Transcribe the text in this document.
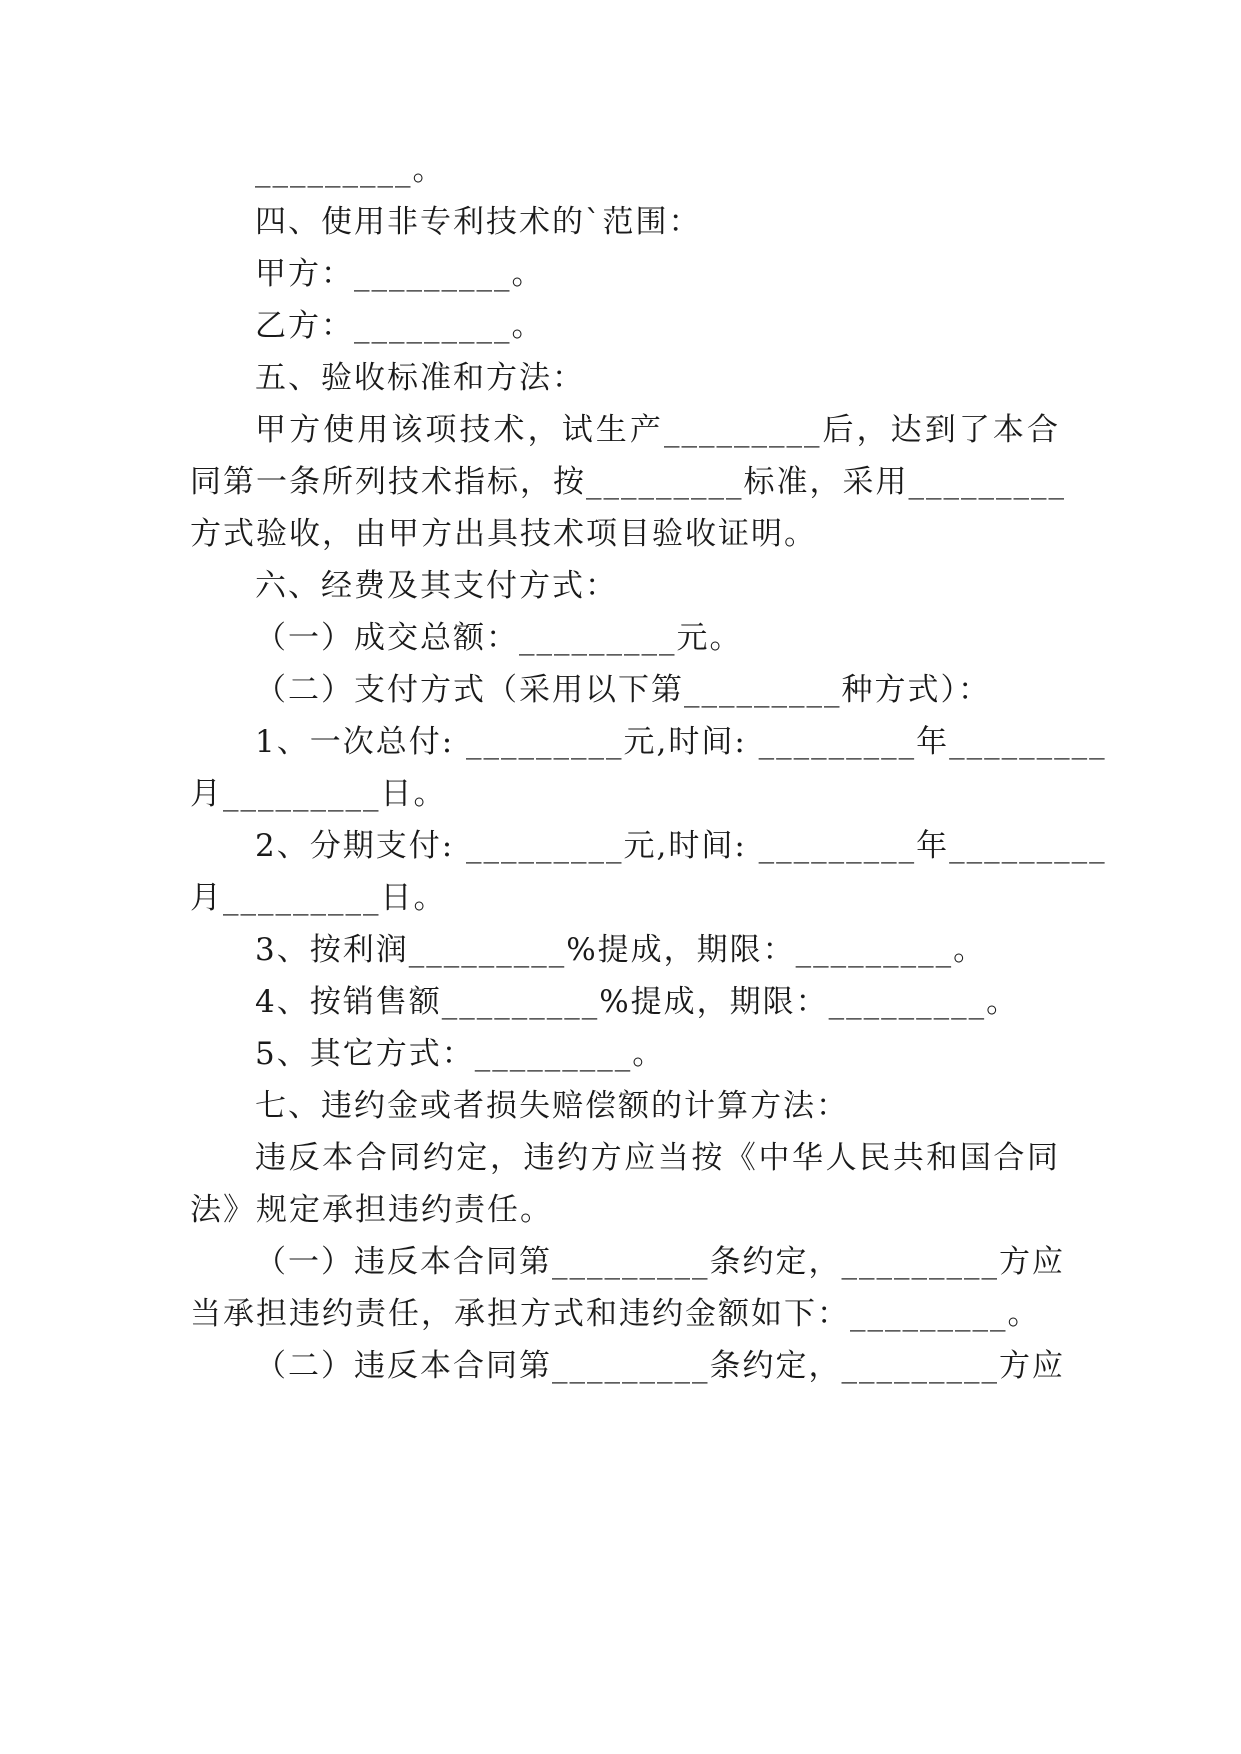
_________。
四、使用非专利技术的`范围：
甲方：_________。
乙方：_________。
五、验收标准和方法：
甲方使用该项技术，试生产_________后，达到了本合
同第一条所列技术指标，按_________标准，采用_________
方式验收，由甲方出具技术项目验收证明。
六、经费及其支付方式：
（一）成交总额：_________元。
（二）支付方式（采用以下第_________种方式）：
1、一次总付: _________元,时间: _________年_________
月_________日。
2、分期支付: _________元,时间: _________年_________
月_________日。
3、按利润_________%提成，期限：_________。
4、按销售额_________%提成，期限：_________。
5、其它方式：_________。
七、违约金或者损失赔偿额的计算方法：
违反本合同约定，违约方应当按《中华人民共和国合同
法》规定承担违约责任。
（一）违反本合同第_________条约定，_________方应
当承担违约责任，承担方式和违约金额如下：_________。
（二）违反本合同第_________条约定，_________方应
